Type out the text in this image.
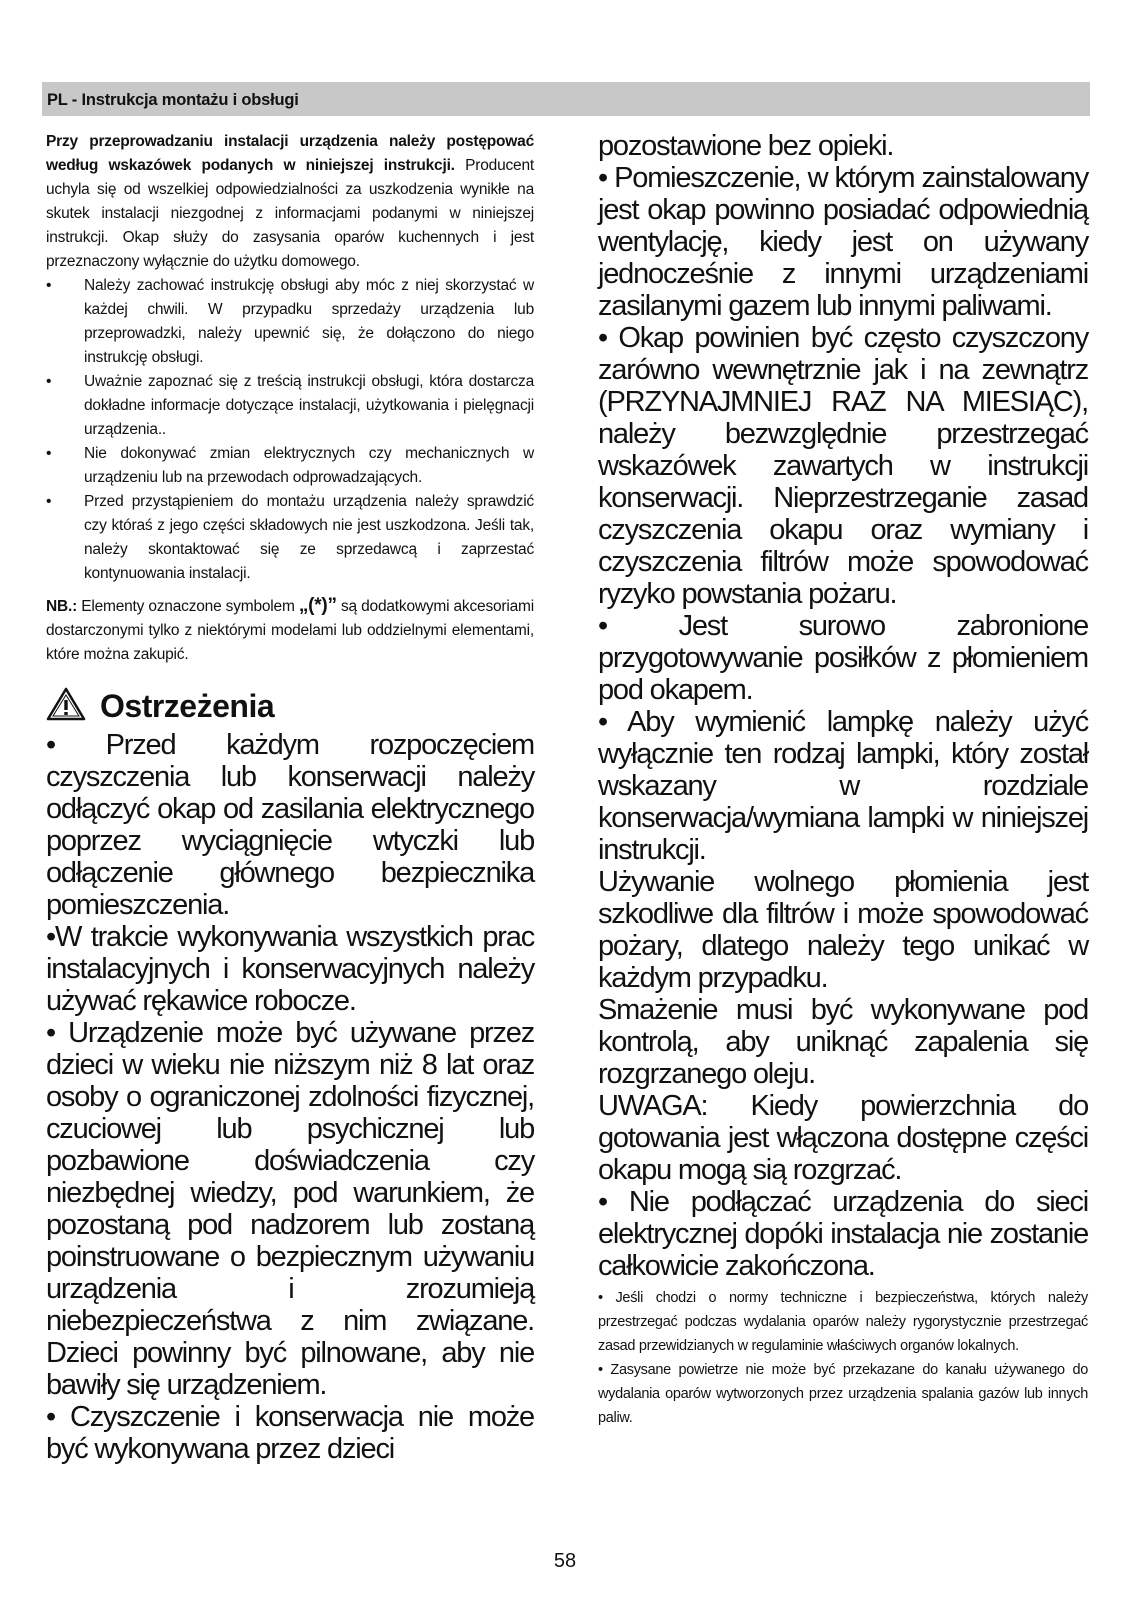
PL - Instrukcja montażu i obsługi

Przy przeprowadzaniu instalacji urządzenia należy postępować według wskazówek podanych w niniejszej instrukcji. Producent uchyla się od wszelkiej odpowiedzialności za uszkodzenia wynikłe na skutek instalacji niezgodnej z informacjami podanymi w niniejszej instrukcji. Okap służy do zasysania oparów kuchennych i jest przeznaczony wyłącznie do użytku domowego.

• Należy zachować instrukcję obsługi aby móc z niej skorzystać w każdej chwili. W przypadku sprzedaży urządzenia lub przeprowadzki, należy upewnić się, że dołączono do niego instrukcję obsługi.
• Uważnie zapoznać się z treścią instrukcji obsługi, która dostarcza dokładne informacje dotyczące instalacji, użytkowania i pielęgnacji urządzenia..
• Nie dokonywać zmian elektrycznych czy mechanicznych w urządzeniu lub na przewodach odprowadzających.
• Przed przystąpieniem do montażu urządzenia należy sprawdzić czy któraś z jego części składowych nie jest uszkodzona. Jeśli tak, należy skontaktować się ze sprzedawcą i zaprzestać kontynuowania instalacji.

NB.: Elementy oznaczone symbolem „(*)” są dodatkowymi akcesoriami dostarczonymi tylko z niektórymi modelami lub oddzielnymi elementami, które można zakupić.

Ostrzeżenia

• Przed każdym rozpoczęciem czyszczenia lub konserwacji należy odłączyć okap od zasilania elektrycznego poprzez wyciągnięcie wtyczki lub odłączenie głównego bezpiecznika pomieszczenia.

•W trakcie wykonywania wszystkich prac instalacyjnych i konserwacyjnych należy używać rękawice robocze.

• Urządzenie może być używane przez dzieci w wieku nie niższym niż 8 lat oraz osoby o ograniczonej zdolności fizycznej, czuciowej lub psychicznej lub pozbawione doświadczenia czy niezbędnej wiedzy, pod warunkiem, że pozostaną pod nadzorem lub zostaną poinstruowane o bezpiecznym używaniu urządzenia i zrozumieją niebezpieczeństwa z nim związane. Dzieci powinny być pilnowane, aby nie bawiły się urządzeniem.

• Czyszczenie i konserwacja nie może być wykonywana przez dzieci

pozostawione bez opieki.

• Pomieszczenie, w którym zainstalowany jest okap powinno posiadać odpowiednią wentylację, kiedy jest on używany jednocześnie z innymi urządzeniami zasilanymi gazem lub innymi paliwami.

• Okap powinien być często czyszczony zarówno wewnętrznie jak i na zewnątrz (PRZYNAJMNIEJ RAZ NA MIESIĄC), należy bezwzględnie przestrzegać wskazówek zawartych w instrukcji konserwacji. Nieprzestrzeganie zasad czyszczenia okapu oraz wymiany i czyszczenia filtrów może spowodować ryzyko powstania pożaru.

• Jest surowo zabronione przygotowywanie posiłków z płomieniem pod okapem.

• Aby wymienić lampkę należy użyć wyłącznie ten rodzaj lampki, który został wskazany w rozdziale konserwacja/wymiana lampki w niniejszej instrukcji.

Używanie wolnego płomienia jest szkodliwe dla filtrów i może spowodować pożary, dlatego należy tego unikać w każdym przypadku.

Smażenie musi być wykonywane pod kontrolą, aby uniknąć zapalenia się rozgrzanego oleju.

UWAGA: Kiedy powierzchnia do gotowania jest włączona dostępne części okapu mogą sią rozgrzać.

• Nie podłączać urządzenia do sieci elektrycznej dopóki instalacja nie zostanie całkowicie zakończona.

• Jeśli chodzi o normy techniczne i bezpieczeństwa, których należy przestrzegać podczas wydalania oparów należy rygorystycznie przestrzegać zasad przewidzianych w regulaminie właściwych organów lokalnych.

• Zasysane powietrze nie może być przekazane do kanału używanego do wydalania oparów wytworzonych przez urządzenia spalania gazów lub innych paliw.

58
